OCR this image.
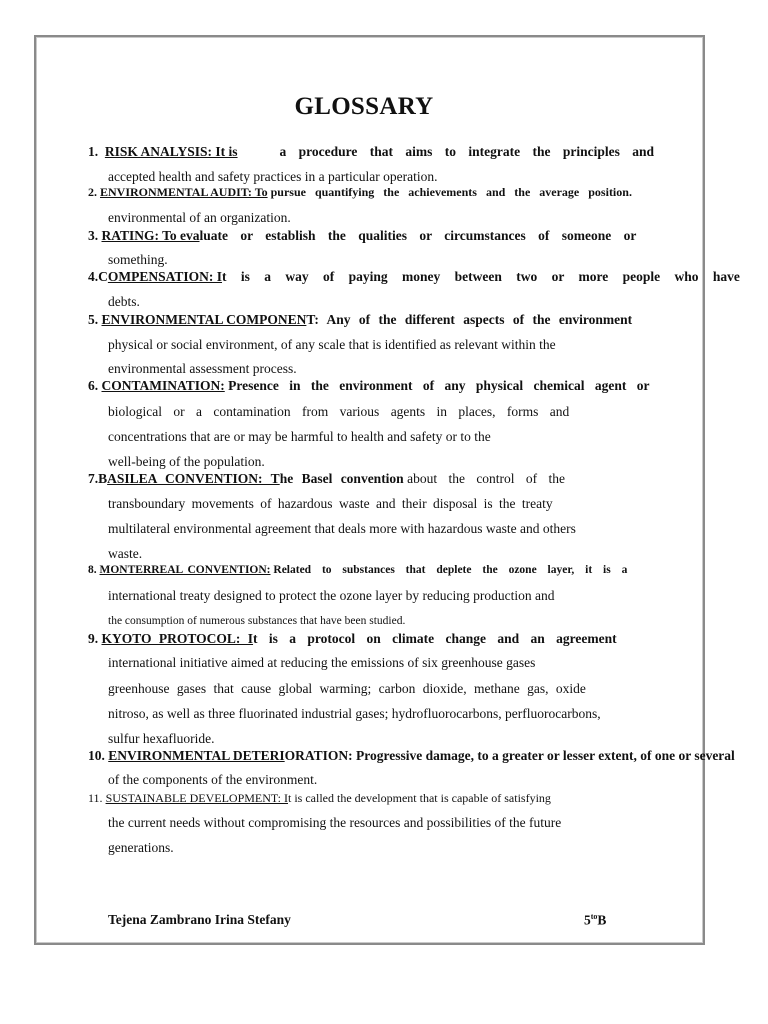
GLOSSARY
1. RISK ANALYSIS: It is	a procedure that aims to integrate the principles and
accepted health and safety practices in a particular operation.
2. ENVIRONMENTAL AUDIT: To pursue quantifying the achievements and the average position.
environmental of an organization.
3. RATING: To evaluate or establish the qualities or circumstances of someone or
something.
4.COMPENSATION: It is a way of paying money between two or more people who have
debts.
5. ENVIRONMENTAL COMPONENT: Any of the different aspects of the environment
physical or social environment, of any scale that is identified as relevant within the
environmental assessment process.
6. CONTAMINATION: Presence in the environment of any physical chemical agent or
biological or a contamination from various agents in places, forms and
concentrations that are or may be harmful to health and safety or to the
well-being of the population.
7.BASILEA CONVENTION: The Basel convention about the control of the
transboundary movements of hazardous waste and their disposal is the treaty
multilateral environmental agreement that deals more with hazardous waste and others
waste.
8. MONTERREAL CONVENTION: Related to substances that deplete the ozone layer, it is a
international treaty designed to protect the ozone layer by reducing production and
the consumption of numerous substances that have been studied.
9. KYOTO PROTOCOL: It is a protocol on climate change and an agreement
international initiative aimed at reducing the emissions of six greenhouse gases
greenhouse gases that cause global warming; carbon dioxide, methane gas, oxide
nitroso, as well as three fluorinated industrial gases; hydrofluorocarbons, perfluorocarbons,
sulfur hexafluoride.
10. ENVIRONMENTAL DETERIORATION: Progressive damage, to a greater or lesser extent, of one or several
of the components of the environment.
11. SUSTAINABLE DEVELOPMENT: It is called the development that is capable of satisfying
the current needs without compromising the resources and possibilities of the future
generations.
Tejena Zambrano Irina Stefany	$5^{to}B$
